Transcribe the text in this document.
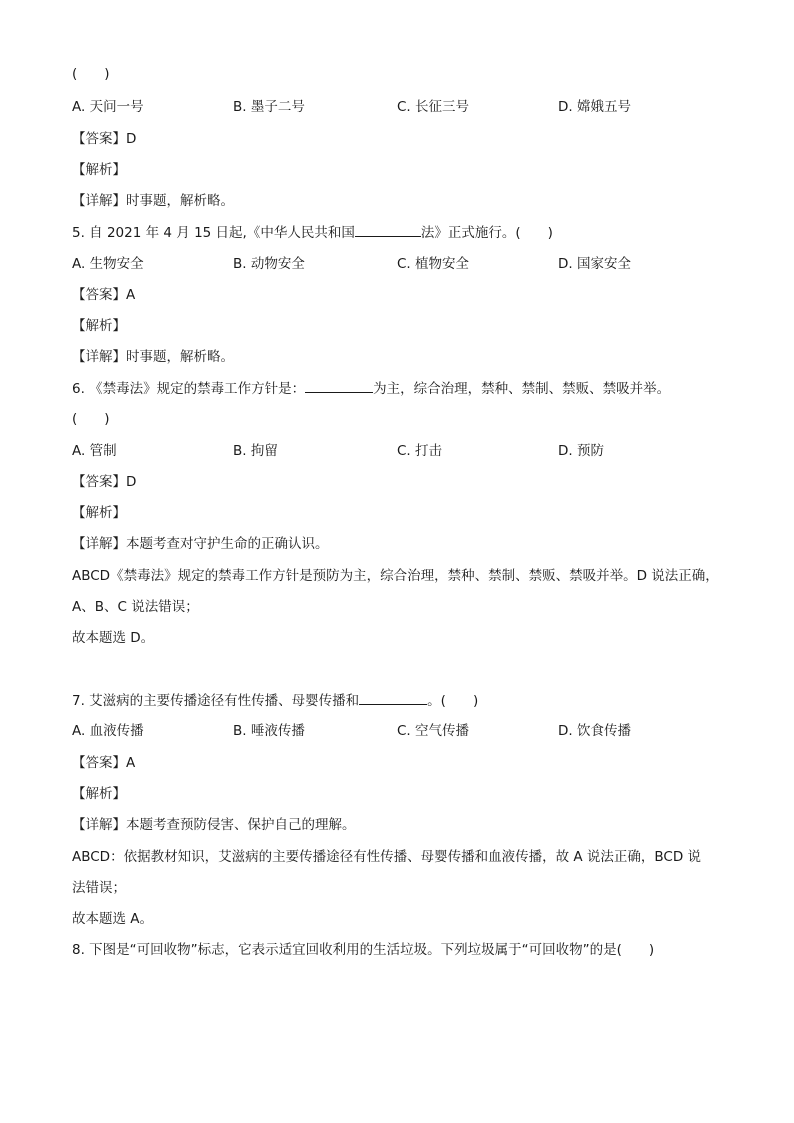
(　　)
A. 天问一号	B. 墨子二号	C. 长征三号	D. 嫦娥五号
【答案】D
【解析】
【详解】时事题，解析略。
5. 自 2021 年 4 月 15 日起,《中华人民共和国	法》正式施行。(　　)
A. 生物安全	B. 动物安全	C. 植物安全	D. 国家安全
【答案】A
【解析】
【详解】时事题，解析略。
6. 《禁毒法》规定的禁毒工作方针是：	为主，综合治理，禁种、禁制、禁贩、禁吸并举。
(　　)
A. 管制	B. 拘留	C. 打击	D. 预防
【答案】D
【解析】
【详解】本题考查对守护生命的正确认识。
ABCD《禁毒法》规定的禁毒工作方针是预防为主，综合治理，禁种、禁制、禁贩、禁吸并举。D 说法正确，
A、B、C 说法错误；
故本题选 D。
7. 艾滋病的主要传播途径有性传播、母婴传播和	。(　　)
A. 血液传播	B. 唾液传播	C. 空气传播	D. 饮食传播
【答案】A
【解析】
【详解】本题考查预防侵害、保护自己的理解。
ABCD：依据教材知识，艾滋病的主要传播途径有性传播、母婴传播和血液传播，故 A 说法正确，BCD 说
法错误；
故本题选 A。
8. 下图是“可回收物”标志，它表示适宜回收利用的生活垃圾。下列垃圾属于“可回收物”的是(　　)
